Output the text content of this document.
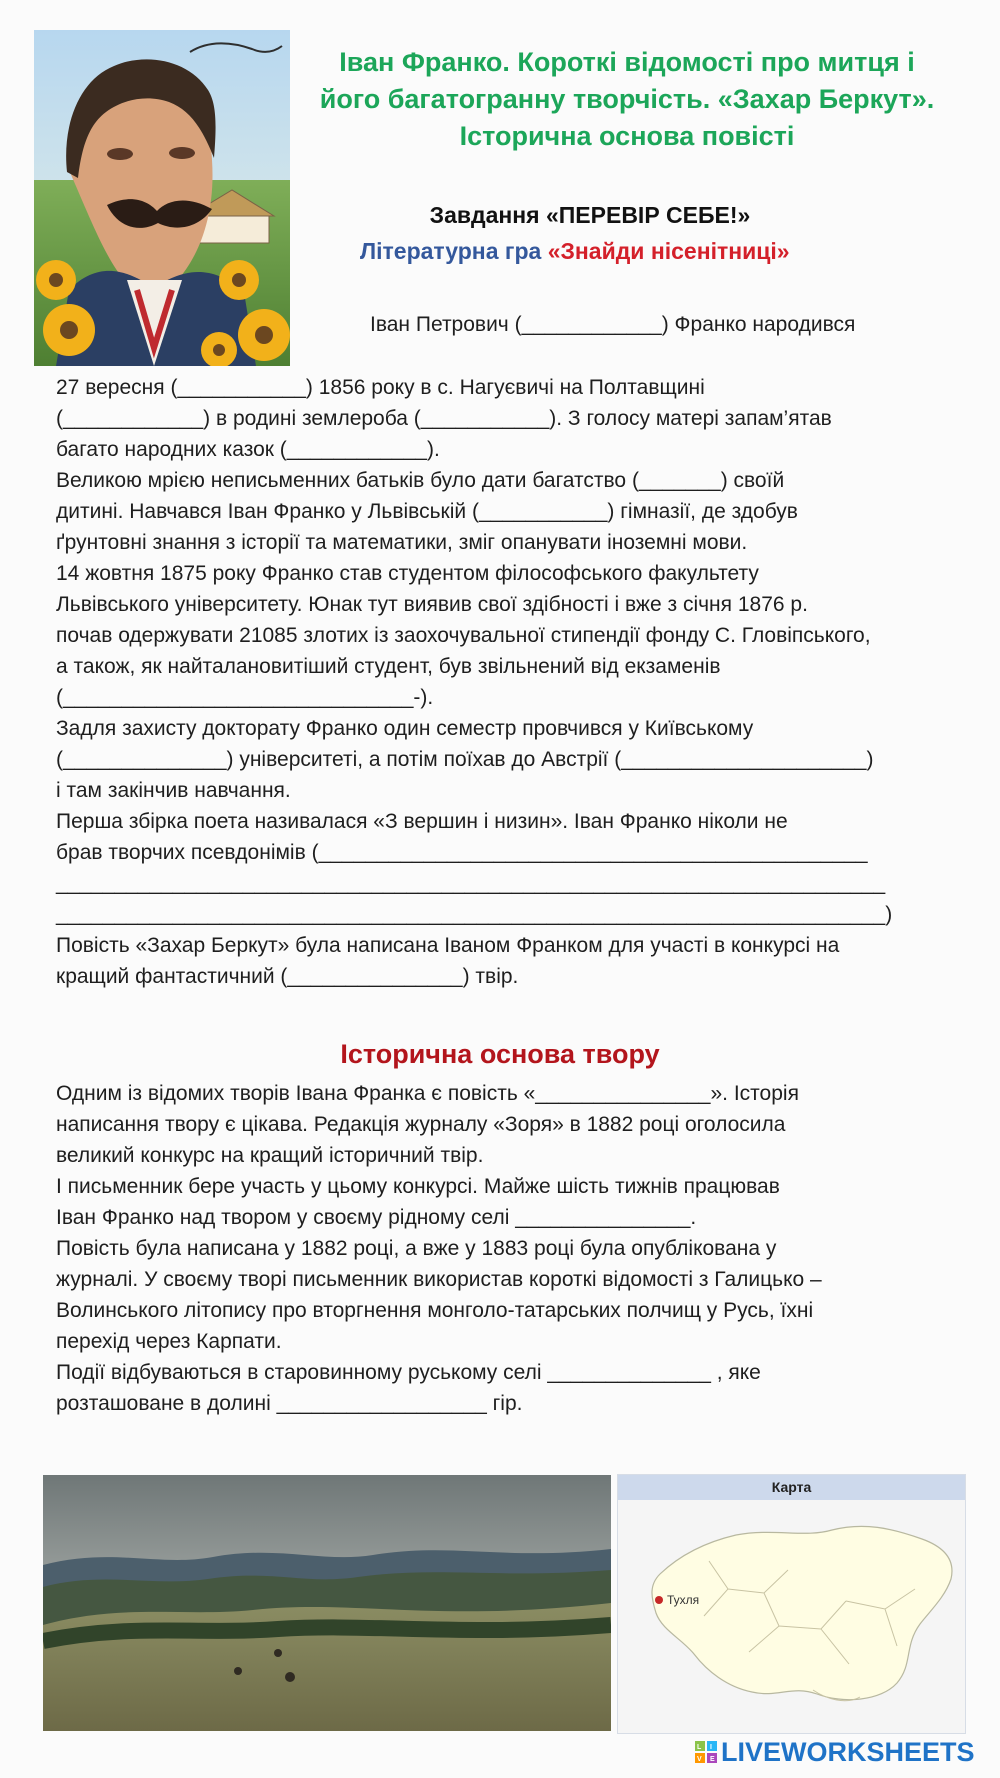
Іван Франко. Короткі відомості про митця і
його багатогранну творчість. «Захар Беркут».
Історична основа повісті
Завдання «ПЕРЕВІР СЕБЕ!»
Літературна гра «Знайди нісенітниці»
Іван Петрович (____________) Франко народився
27 вересня (___________) 1856 року в с. Нагуєвичі на Полтавщині
(____________) в родині землероба (___________). З голосу матері запам’ятав
багато народних казок (____________).
Великою мрією неписьменних батьків було дати багатство (_______) своїй
дитині. Навчався Іван Франко у Львівській (___________) гімназії, де здобув
ґрунтовні знання з історії та математики, зміг опанувати іноземні мови.
14 жовтня 1875 року Франко став студентом філософського факультету
Львівського університету. Юнак тут виявив свої здібності і вже з січня 1876 р.
почав одержувати 21085 злотих із заохочувальної стипендії фонду С. Гловіпського,
а також, як найталановитіший студент, був звільнений від екзаменів
(______________________________-).
Задля захисту докторату Франко один семестр провчився у Київському
(______________) університеті, а потім поїхав до Австрії (_____________________)
і там закінчив навчання.
Перша збірка поета називалася «З вершин і низин». Іван Франко ніколи не
брав творчих псевдонімів (_______________________________________________
_______________________________________________________________________
_______________________________________________________________________)
Повість «Захар Беркут» була написана Іваном Франком для участі в конкурсі на
кращий фантастичний (_______________) твір.
Історична основа твору
Одним із відомих творів Івана Франка є повість «_______________». Історія
написання твору є цікава. Редакція журналу «Зоря» в 1882 році оголосила
великий конкурс на кращий історичний твір.
І письменник бере участь у цьому конкурсі. Майже шість тижнів працював
Іван Франко над твором у своєму рідному селі _______________.
Повість була написана у 1882 році, а вже у 1883 році була опублікована у
журналі. У своєму творі письменник використав короткі відомості з Галицько –
Волинського літопису про вторгнення монголо-татарських полчищ у Русь, їхні
перехід через Карпати.
Події відбуваються в старовинному руському селі ______________ , яке
розташоване в долині __________________ гір.
Карта
Тухля
L I
V E LIVEWORKSHEETS
